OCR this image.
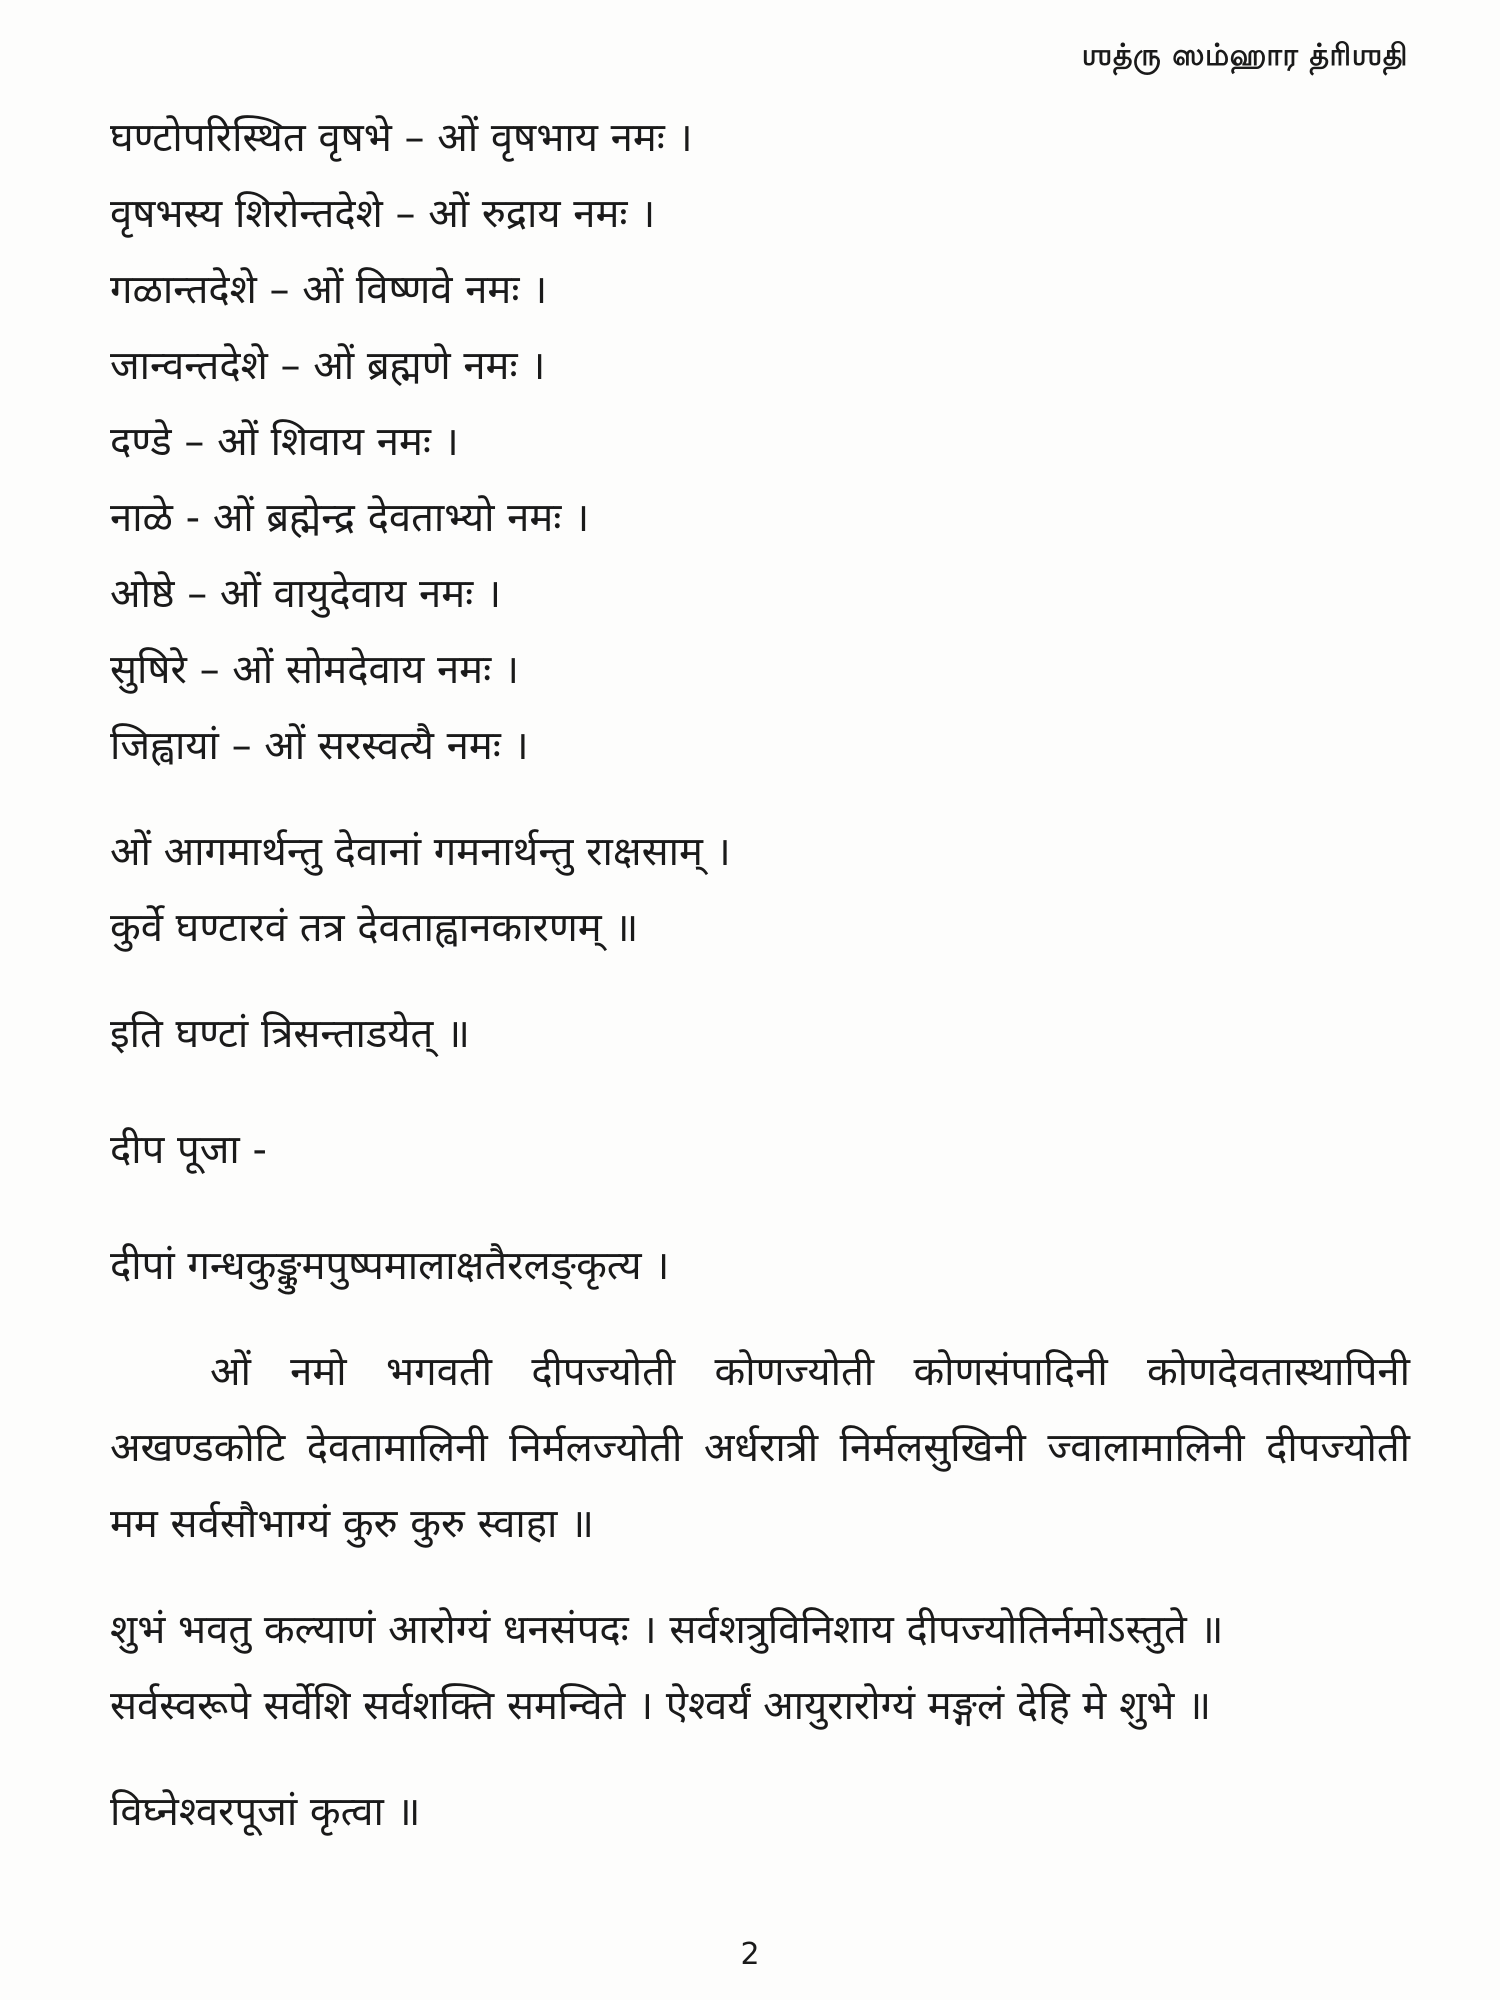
ஶத்ரு ஸம்ஹார த்ரிஶதி
घण्टोपरिस्थित वृषभे – ओं वृषभाय नमः ।
वृषभस्य शिरोन्तदेशे – ओं रुद्राय नमः ।
गळान्तदेशे – ओं विष्णवे नमः ।
जान्वन्तदेशे – ओं ब्रह्मणे नमः ।
दण्डे – ओं शिवाय नमः ।
नाळे - ओं ब्रह्मेन्द्र देवताभ्यो नमः ।
ओष्ठे – ओं वायुदेवाय नमः ।
सुषिरे – ओं सोमदेवाय नमः ।
जिह्वायां – ओं सरस्वत्यै नमः ।
ओं आगमार्थन्तु देवानां गमनार्थन्तु राक्षसाम् ।
कुर्वे घण्टारवं तत्र देवताह्वानकारणम् ॥
इति घण्टां त्रिसन्ताडयेत् ॥
दीप पूजा -
दीपां गन्धकुङ्कुमपुष्पमालाक्षतैरलङ्कृत्य ।
ओं नमो भगवती दीपज्योती कोणज्योती कोणसंपादिनी कोणदेवतास्थापिनी अखण्डकोटि देवतामालिनी निर्मलज्योती अर्धरात्री निर्मलसुखिनी ज्वालामालिनी दीपज्योती मम सर्वसौभाग्यं कुरु कुरु स्वाहा ॥
शुभं भवतु कल्याणं आरोग्यं धनसंपदः । सर्वशत्रुविनिशाय दीपज्योतिर्नमोऽस्तुते ॥
सर्वस्वरूपे सर्वेशि सर्वशक्ति समन्विते । ऐश्वर्यं आयुरारोग्यं मङ्गलं देहि मे शुभे ॥
विघ्नेश्वरपूजां कृत्वा ॥
2
